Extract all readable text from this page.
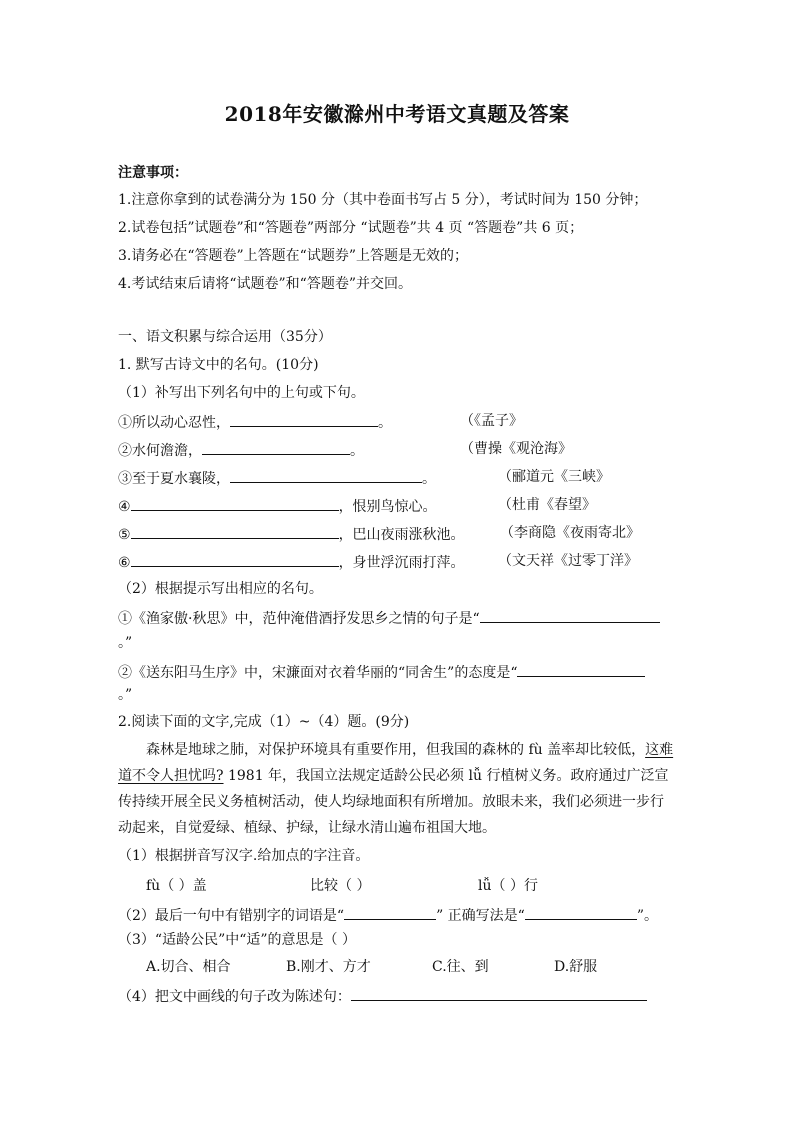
2018年安徽滁州中考语文真题及答案
注意事项：
1.注意你拿到的试卷满分为 150 分（其中卷面书写占 5 分），考试时间为 150 分钟；
2.试卷包括”试题卷”和“答题卷”两部分 “试题卷”共 4 页 “答题卷”共 6 页；
3.请务必在“答题卷”上答题在“试题券”上答题是无效的；
4.考试结束后请将“试题卷”和“答题卷”并交回。
一、语文积累与综合运用（35分）
1. 默写古诗文中的名句。(10分)
（1）补写出下列名句中的上句或下句。
①所以动心忍性，	。	（《孟子》
②水何澹澹，	。	（曹操《观沧海》
③至于夏水襄陵，	。	（郦道元《三峡》
④	，恨别鸟惊心。	（杜甫《春望》
⑤	，巴山夜雨涨秋池。	（李商隐《夜雨寄北》
⑥	，身世浮沉雨打萍。 （文天祥《过零丁洋》
（2）根据提示写出相应的名句。
①《渔家傲·秋思》中，范仲淹借酒抒发思乡之情的句子是“
。”
②《送东阳马生序》中，宋濂面对衣着华丽的“同舍生”的态度是“
。”
2.阅读下面的文字,完成（1）~（4）题。(9分)
森林是地球之肺，对保护环境具有重要作用，但我国的森林的 fù 盖率却比较低，这难
道不令人担忧吗? 1981 年，我国立法规定适龄公民必须 lǚ 行植树义务。政府通过广泛宣
传持续开展全民义务植树活动，使人均绿地面积有所增加。放眼未来，我们必须进一步行
动起来，自觉爱绿、植绿、护绿，让绿水清山遍布祖国大地。
（1）根据拼音写汉字.给加点的字注音。
fù（ ）盖	比较（ ）	lǚ（ ）行
（2）最后一句中有错别字的词语是“	” 正确写法是“	”。
（3）“适龄公民”中“适”的意思是（ ）
A.切合、相合	B.刚才、方才	C.往、到	D.舒服
（4）把文中画线的句子改为陈述句：
